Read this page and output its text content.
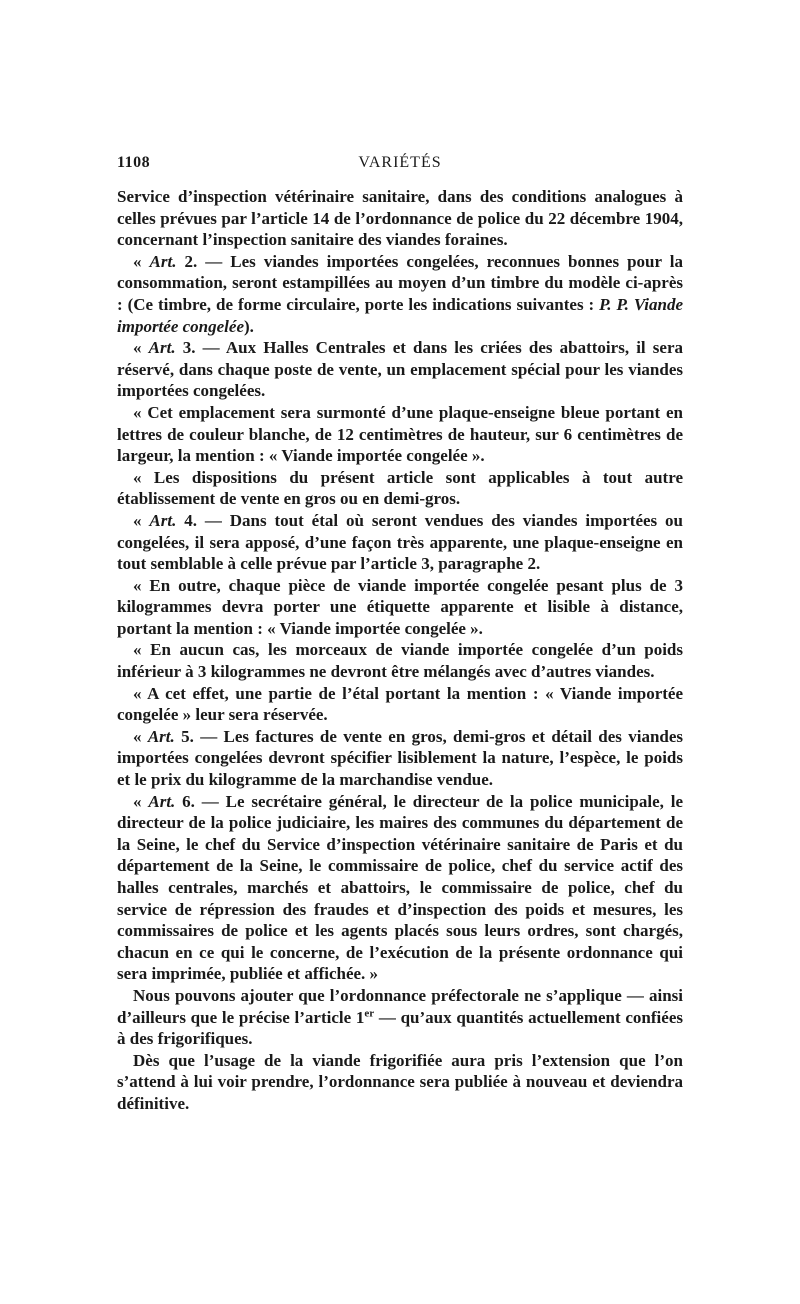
1108	VARIÉTÉS

Service d’inspection vétérinaire sanitaire, dans des conditions analogues à celles prévues par l’article 14 de l’ordonnance de police du 22 décembre 1904, concernant l’inspection sanitaire des viandes foraines.

« Art. 2. — Les viandes importées congelées, reconnues bonnes pour la consommation, seront estampillées au moyen d’un timbre du modèle ci-après : (Ce timbre, de forme circulaire, porte les indications suivantes : P. P. Viande importée congelée).

« Art. 3. — Aux Halles Centrales et dans les criées des abattoirs, il sera réservé, dans chaque poste de vente, un emplacement spécial pour les viandes importées congelées.

« Cet emplacement sera surmonté d’une plaque-enseigne bleue portant en lettres de couleur blanche, de 12 centimètres de hauteur, sur 6 centimètres de largeur, la mention : « Viande importée congelée ».

« Les dispositions du présent article sont applicables à tout autre établissement de vente en gros ou en demi-gros.

« Art. 4. — Dans tout étal où seront vendues des viandes importées ou congelées, il sera apposé, d’une façon très apparente, une plaque-enseigne en tout semblable à celle prévue par l’article 3, paragraphe 2.

« En outre, chaque pièce de viande importée congelée pesant plus de 3 kilogrammes devra porter une étiquette apparente et lisible à distance, portant la mention : « Viande importée congelée ».

« En aucun cas, les morceaux de viande importée congelée d’un poids inférieur à 3 kilogrammes ne devront être mélangés avec d’autres viandes.

« A cet effet, une partie de l’étal portant la mention : « Viande importée congelée » leur sera réservée.

« Art. 5. — Les factures de vente en gros, demi-gros et détail des viandes importées congelées devront spécifier lisiblement la nature, l’espèce, le poids et le prix du kilogramme de la marchandise vendue.

« Art. 6. — Le secrétaire général, le directeur de la police municipale, le directeur de la police judiciaire, les maires des communes du département de la Seine, le chef du Service d’inspection vétérinaire sanitaire de Paris et du département de la Seine, le commissaire de police, chef du service actif des halles centrales, marchés et abattoirs, le commissaire de police, chef du service de répression des fraudes et d’inspection des poids et mesures, les commissaires de police et les agents placés sous leurs ordres, sont chargés, chacun en ce qui le concerne, de l’exécution de la présente ordonnance qui sera imprimée, publiée et affichée. »

Nous pouvons ajouter que l’ordonnance préfectorale ne s’applique — ainsi d’ailleurs que le précise l’article 1er — qu’aux quantités actuellement confiées à des frigorifiques.

Dès que l’usage de la viande frigorifiée aura pris l’extension que l’on s’attend à lui voir prendre, l’ordonnance sera publiée à nouveau et deviendra définitive.
